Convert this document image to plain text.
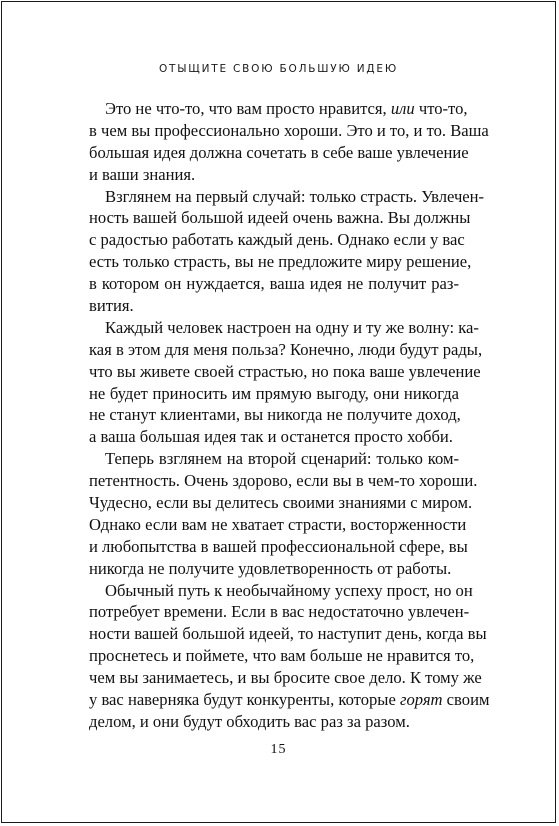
ОТЫЩИТЕ СВОЮ БОЛЬШУЮ ИДЕЮ
Это не что-то, что вам просто нравится, или что-то,
в чем вы профессионально хороши. Это и то, и то. Ваша
большая идея должна сочетать в себе ваше увлечение
и ваши знания.
Взглянем на первый случай: только страсть. Увлечен-
ность вашей большой идеей очень важна. Вы должны
с радостью работать каждый день. Однако если у вас
есть только страсть, вы не предложите миру решение,
в котором он нуждается, ваша идея не получит раз-
вития.
Каждый человек настроен на одну и ту же волну: ка-
кая в этом для меня польза? Конечно, люди будут рады,
что вы живете своей страстью, но пока ваше увлечение
не будет приносить им прямую выгоду, они никогда
не станут клиентами, вы никогда не получите доход,
а ваша большая идея так и останется просто хобби.
Теперь взглянем на второй сценарий: только ком-
петентность. Очень здорово, если вы в чем-то хороши.
Чудесно, если вы делитесь своими знаниями с миром.
Однако если вам не хватает страсти, восторженности
и любопытства в вашей профессиональной сфере, вы
никогда не получите удовлетворенность от работы.
Обычный путь к необычайному успеху прост, но он
потребует времени. Если в вас недостаточно увлечен-
ности вашей большой идеей, то наступит день, когда вы
проснетесь и поймете, что вам больше не нравится то,
чем вы занимаетесь, и вы бросите свое дело. К тому же
у вас наверняка будут конкуренты, которые горят своим
делом, и они будут обходить вас раз за разом.
15
